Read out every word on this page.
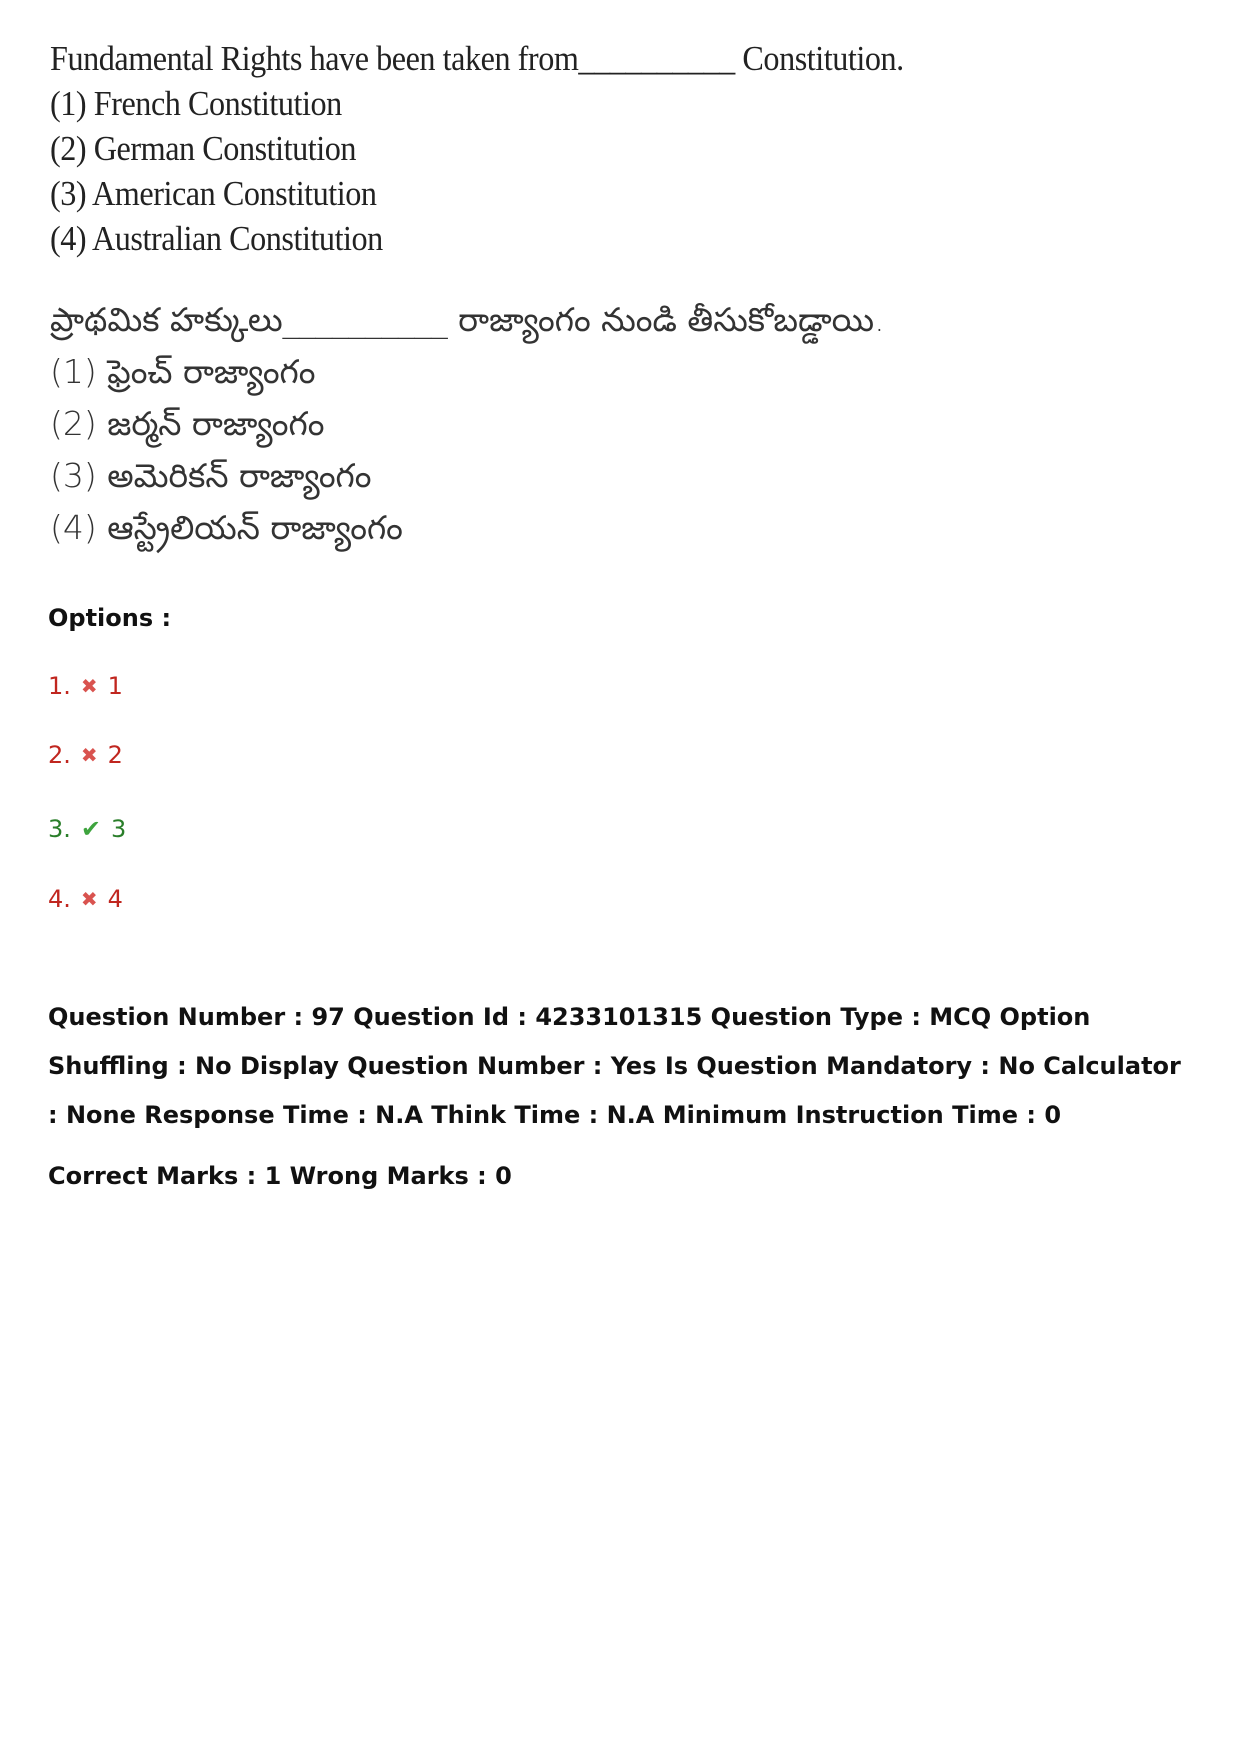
Fundamental Rights have been taken from__________ Constitution.
(1) French Constitution
(2) German Constitution
(3) American Constitution
(4) Australian Constitution
ప్రాథమిక హక్కులు__________ రాజ్యాంగం నుండి తీసుకోబడ్డాయి.
(1) ఫ్రెంచ్ రాజ్యాంగం
(2) జర్మన్ రాజ్యాంగం
(3) అమెరికన్ రాజ్యాంగం
(4) ఆస్ట్రేలియన్ రాజ్యాంగం
Options :
1. ✖ 1
2. ✖ 2
3. ✔ 3
4. ✖ 4
Question Number : 97 Question Id : 4233101315 Question Type : MCQ Option Shuffling : No Display Question Number : Yes Is Question Mandatory : No Calculator : None Response Time : N.A Think Time : N.A Minimum Instruction Time : 0
Correct Marks : 1 Wrong Marks : 0
